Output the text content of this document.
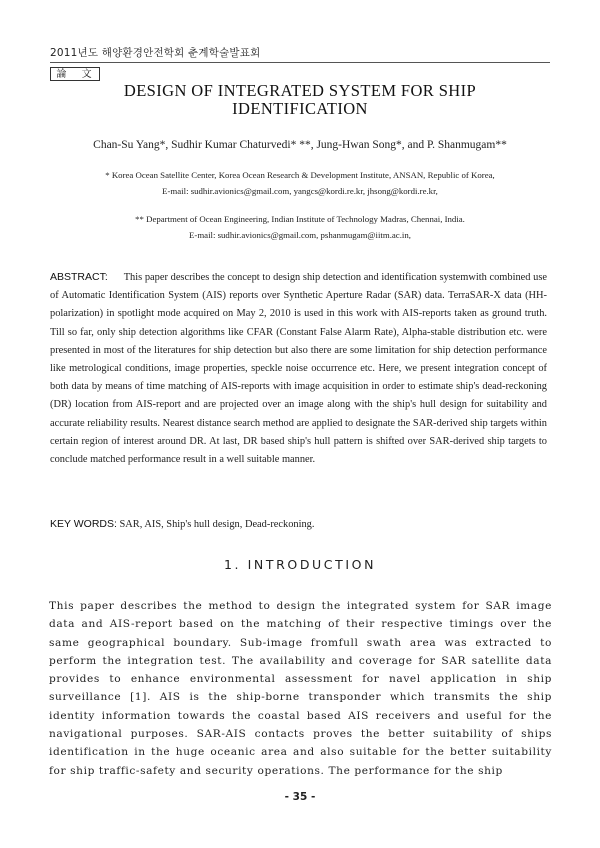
2011년도 해양환경안전학회 춘계학술발표회
論 文
DESIGN OF INTEGRATED SYSTEM FOR SHIP
IDENTIFICATION
Chan-Su Yang*, Sudhir Kumar Chaturvedi* **, Jung-Hwan Song*, and P. Shanmugam**
* Korea Ocean Satellite Center, Korea Ocean Research & Development Institute, ANSAN, Republic of Korea,
E-mail: sudhir.avionics@gmail.com, yangcs@kordi.re.kr, jhsong@kordi.re.kr,
** Department of Ocean Engineering, Indian Institute of Technology Madras, Chennai, India.
E-mail: sudhir.avionics@gmail.com, pshanmugam@iitm.ac.in,
ABSTRACT: This paper describes the concept to design ship detection and identification systemwith combined use of Automatic Identification System (AIS) reports over Synthetic Aperture Radar (SAR) data. TerraSAR-X data (HH-polarization) in spotlight mode acquired on May 2, 2010 is used in this work with AIS-reports taken as ground truth. Till so far, only ship detection algorithms like CFAR (Constant False Alarm Rate), Alpha-stable distribution etc. were presented in most of the literatures for ship detection but also there are some limitation for ship detection performance like metrological conditions, image properties, speckle noise occurrence etc. Here, we present integration concept of both data by means of time matching of AIS-reports with image acquisition in order to estimate ship's dead-reckoning (DR) location from AIS-report and are projected over an image along with the ship's hull design for suitability and accurate reliability results. Nearest distance search method are applied to designate the SAR-derived ship targets within certain region of interest around DR. At last, DR based ship's hull pattern is shifted over SAR-derived ship targets to conclude matched performance result in a well suitable manner.
KEY WORDS: SAR, AIS, Ship's hull design, Dead-reckoning.
1. INTRODUCTION
This paper describes the method to design the integrated system for SAR image data and AIS-report based on the matching of their respective timings over the same geographical boundary. Sub-image fromfull swath area was extracted to perform the integration test. The availability and coverage for SAR satellite data provides to enhance environmental assessment for navel application in ship surveillance [1]. AIS is the ship-borne transponder which transmits the ship identity information towards the coastal based AIS receivers and useful for the navigational purposes. SAR-AIS contacts proves the better suitability of ships identification in the huge oceanic area and also suitable for the better suitability for ship traffic-safety and security operations. The performance for the ship
- 35 -
